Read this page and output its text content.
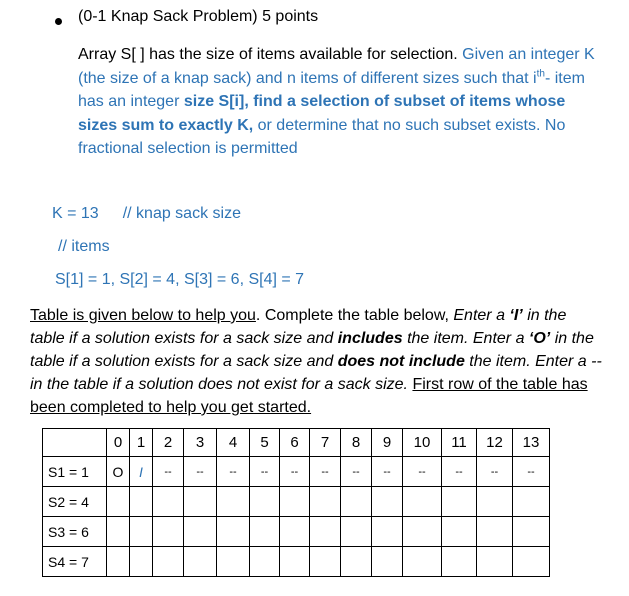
(0-1 Knap Sack Problem) 5 points
Array S[ ] has the size of items available for selection. Given an integer K (the size of a knap sack) and n items of different sizes such that $i^{th}-$ item has an integer size S[i], find a selection of subset of items whose sizes sum to exactly K, or determine that no such subset exists. No fractional selection is permitted
K = 13 // knap sack size
// items
S[1] = 1, S[2] = 4, S[3] = 6, S[4] = 7
Table is given below to help you. Complete the table below, Enter a ‘I’ in the table if a solution exists for a sack size and includes the item. Enter a ‘O’ in the table if a solution exists for a sack size and does not include the item. Enter a -- in the table if a solution does not exist for a sack size. First row of the table has been completed to help you get started.
	0	1	2	3	4	5	6	7	8	9	10	11	12	13
S1 = 1	O	I	--	--	--	--	--	--	--	--	--	--	--	--
S2 = 4														
S3 = 6														
S4 = 7														
